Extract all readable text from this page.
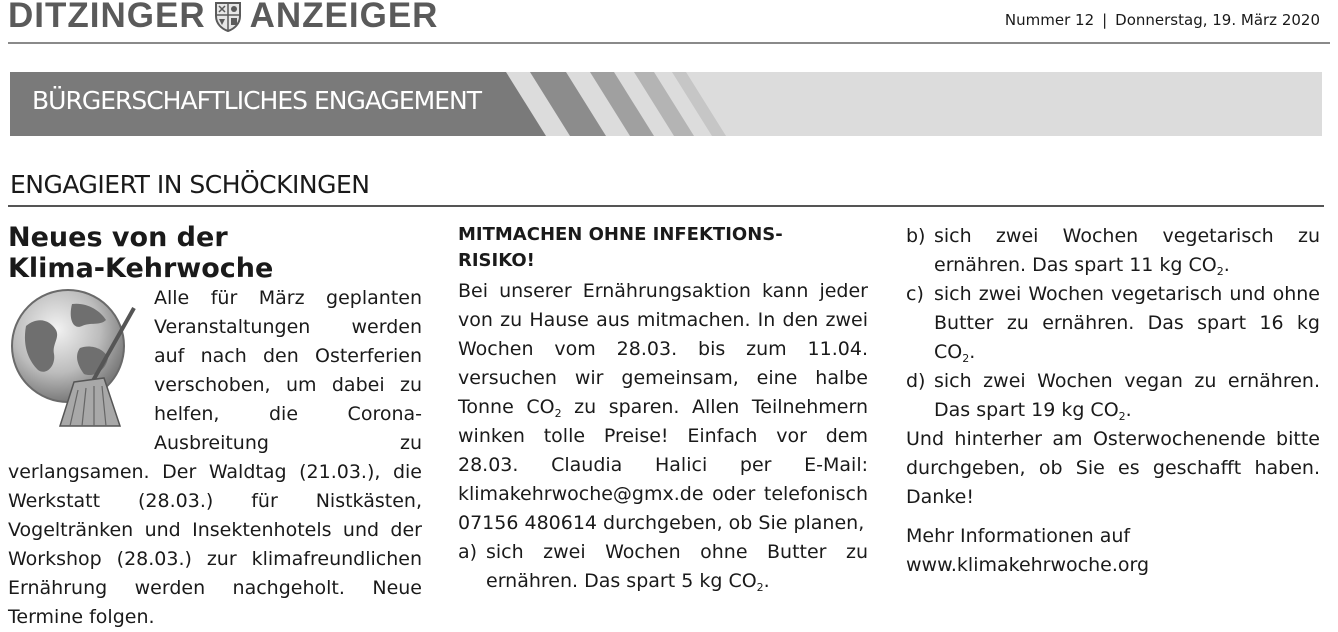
DITZINGER ANZEIGER	Nummer 12 | Donnerstag, 19. März 2020
BÜRGERSCHAFTLICHES ENGAGEMENT
ENGAGIERT IN SCHÖCKINGEN
Neues von der
Klima-Kehrwoche
Alle für März geplanten Veranstaltungen werden auf nach den Osterferien verschoben, um dabei zu helfen, die Corona-Ausbreitung zu verlangsamen. Der Waldtag (21.03.), die Werkstatt (28.03.) für Nistkästen, Vogeltränken und Insektenhotels und der Workshop (28.03.) zur klimafreundlichen Ernährung werden nachgeholt. Neue Termine folgen.
MITMACHEN OHNE INFEKTIONS-
RISIKO!
Bei unserer Ernährungsaktion kann jeder von zu Hause aus mitmachen. In den zwei Wochen vom 28.03. bis zum 11.04. versuchen wir gemeinsam, eine halbe Tonne $CO_2$ zu sparen. Allen Teilnehmern winken tolle Preise! Einfach vor dem 28.03. Claudia Halici per E-Mail: klimakehrwoche@gmx.de oder telefonisch 07156 480614 durchgeben, ob Sie planen,
a) sich zwei Wochen ohne Butter zu ernähren. Das spart 5 kg $CO_2$.
b) sich zwei Wochen vegetarisch zu ernähren. Das spart 11 kg $CO_2$.
c) sich zwei Wochen vegetarisch und ohne Butter zu ernähren. Das spart 16 kg $CO_2$.
d) sich zwei Wochen vegan zu ernähren. Das spart 19 kg $CO_2$.
Und hinterher am Osterwochenende bitte durchgeben, ob Sie es geschafft haben. Danke!
Mehr Informationen auf
www.klimakehrwoche.org
